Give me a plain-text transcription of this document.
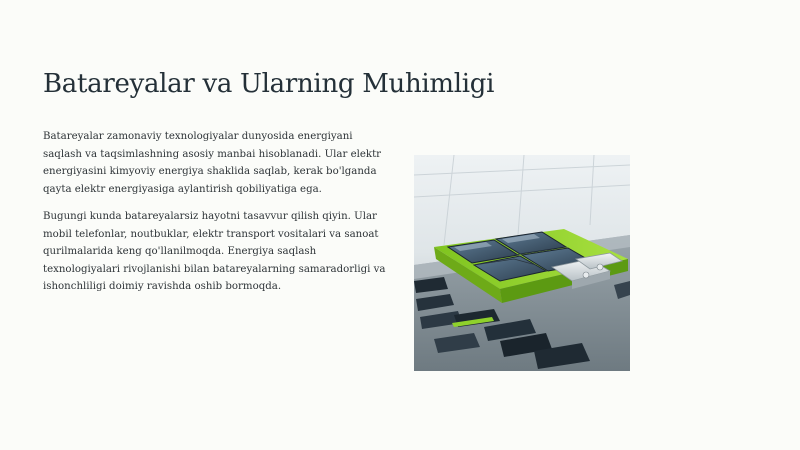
Batareyalar va Ularning Muhimligi

Batareyalar zamonaviy texnologiyalar dunyosida energiyani saqlash va taqsimlashning asosiy manbai hisoblanadi. Ular elektr energiyasini kimyoviy energiya shaklida saqlab, kerak bo'lganda qayta elektr energiyasiga aylantirish qobiliyatiga ega.

Bugungi kunda batareyalarsiz hayotni tasavvur qilish qiyin. Ular mobil telefonlar, noutbuklar, elektr transport vositalari va sanoat qurilmalarida keng qo'llanilmoqda. Energiya saqlash texnologiyalari rivojlanishi bilan batareyalarning samaradorligi va ishonchliligi doimiy ravishda oshib bormoqda.
